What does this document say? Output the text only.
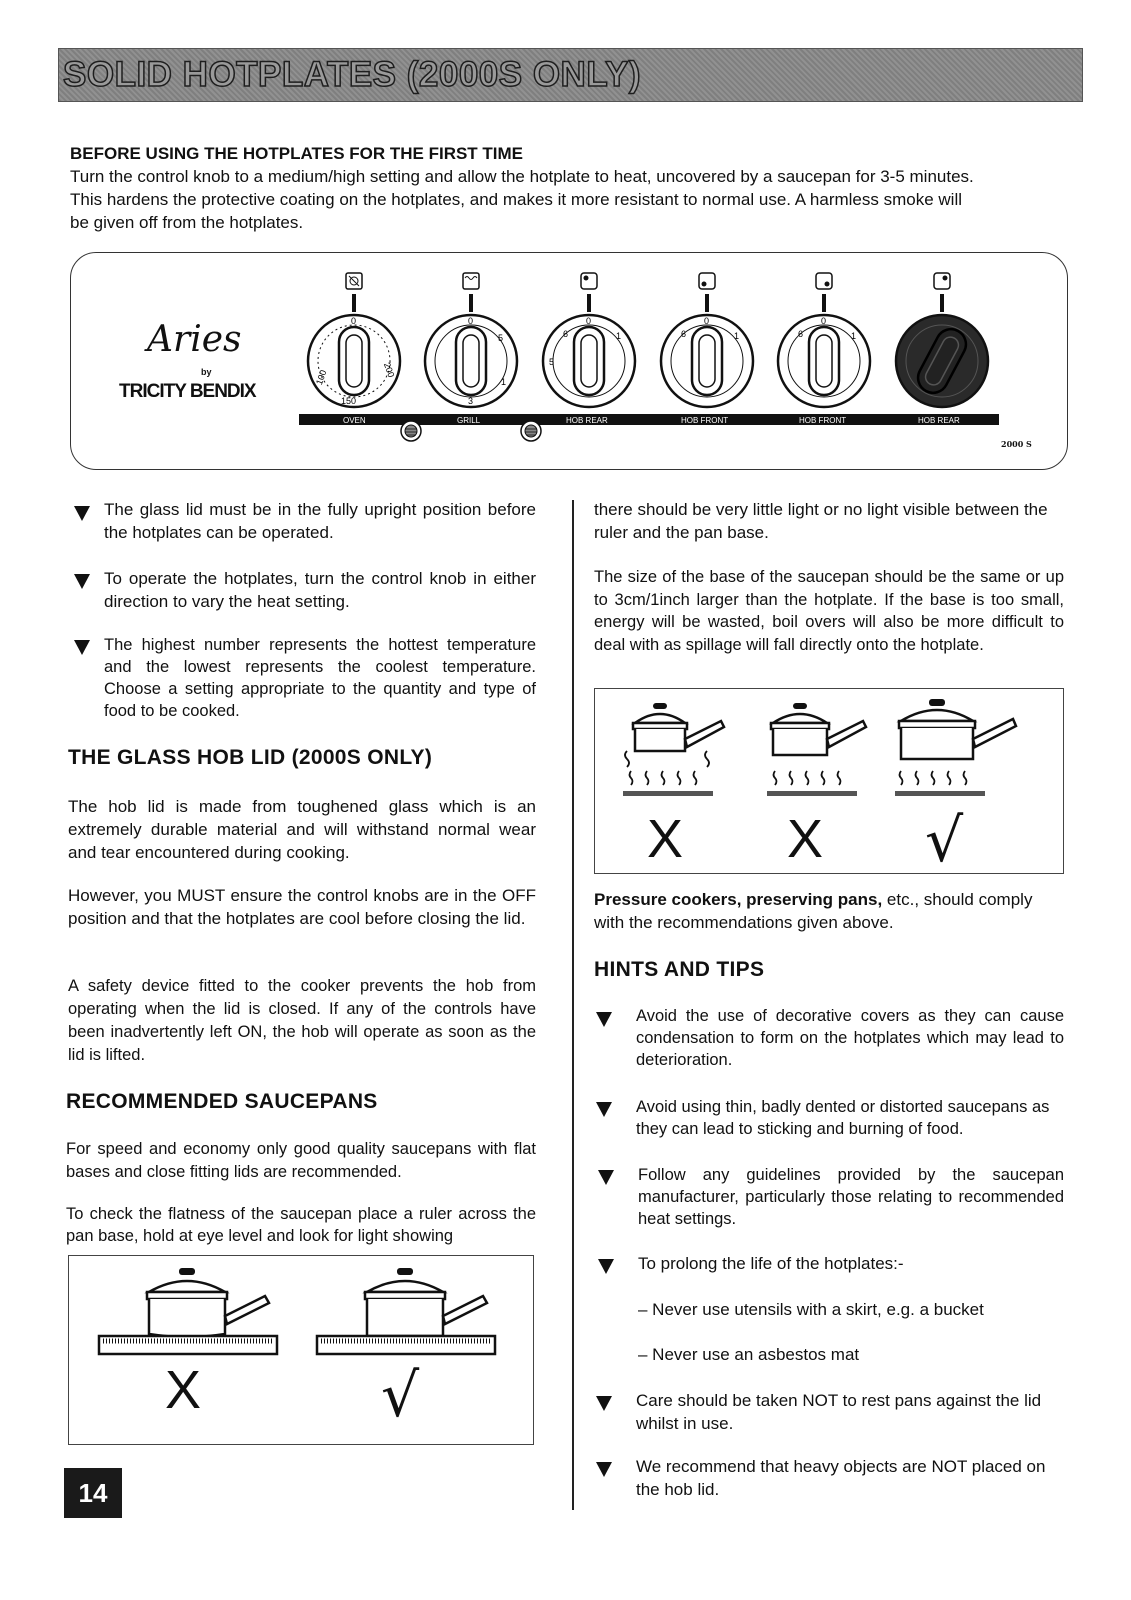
SOLID HOTPLATES (2000S ONLY)
BEFORE USING THE HOTPLATES FOR THE FIRST TIME
Turn the control knob to a medium/high setting and allow the hotplate to heat, uncovered by a saucepan for 3-5 minutes.
This hardens the protective coating on the hotplates, and makes it more resistant to normal use. A harmless smoke will
be given off from the hotplates.
Aries
by
TRICITY BENDIX
2000 S
0
100
150
200
0
1
3
5
0
6
5
1
0
6	1
0
6	1
OVEN	GRILL	HOB REAR	HOB FRONT	HOB FRONT	HOB REAR
The glass lid must be in the fully upright position before the hotplates can be operated.
To operate the hotplates, turn the control knob in either direction to vary the heat setting.
The highest number represents the hottest temperature and the lowest represents the coolest temperature. Choose a setting appropriate to the quantity and type of food to be cooked.
THE GLASS HOB LID (2000S ONLY)
The hob lid is made from toughened glass which is an extremely durable material and will withstand normal wear and tear encountered during cooking.
However, you MUST ensure the control knobs are in the OFF position and that the hotplates are cool before closing the lid.
A safety device fitted to the cooker prevents the hob from operating when the lid is closed. If any of the controls have been inadvertently left ON, the hob will operate as soon as the lid is lifted.
RECOMMENDED SAUCEPANS
For speed and economy only good quality saucepans with flat bases and close fitting lids are recommended.
To check the flatness of the saucepan place a ruler across the pan base, hold at eye level and look for light showing
X	√
14
there should be very little light or no light visible between the ruler and the pan base.
The size of the base of the saucepan should be the same or up to 3cm/1inch larger than the hotplate. If the base is too small, energy will be wasted, boil overs will also be more difficult to deal with as spillage will fall directly onto the hotplate.
X X √
Pressure cookers, preserving pans, etc., should comply with the recommendations given above.
HINTS AND TIPS
Avoid the use of decorative covers as they can cause condensation to form on the hotplates which may lead to deterioration.
Avoid using thin, badly dented or distorted saucepans as they can lead to sticking and burning of food.
Follow any guidelines provided by the saucepan manufacturer, particularly those relating to recommended heat settings.
To prolong the life of the hotplates:-
– Never use utensils with a skirt, e.g. a bucket
– Never use an asbestos mat
Care should be taken NOT to rest pans against the lid whilst in use.
We recommend that heavy objects are NOT placed on the hob lid.
